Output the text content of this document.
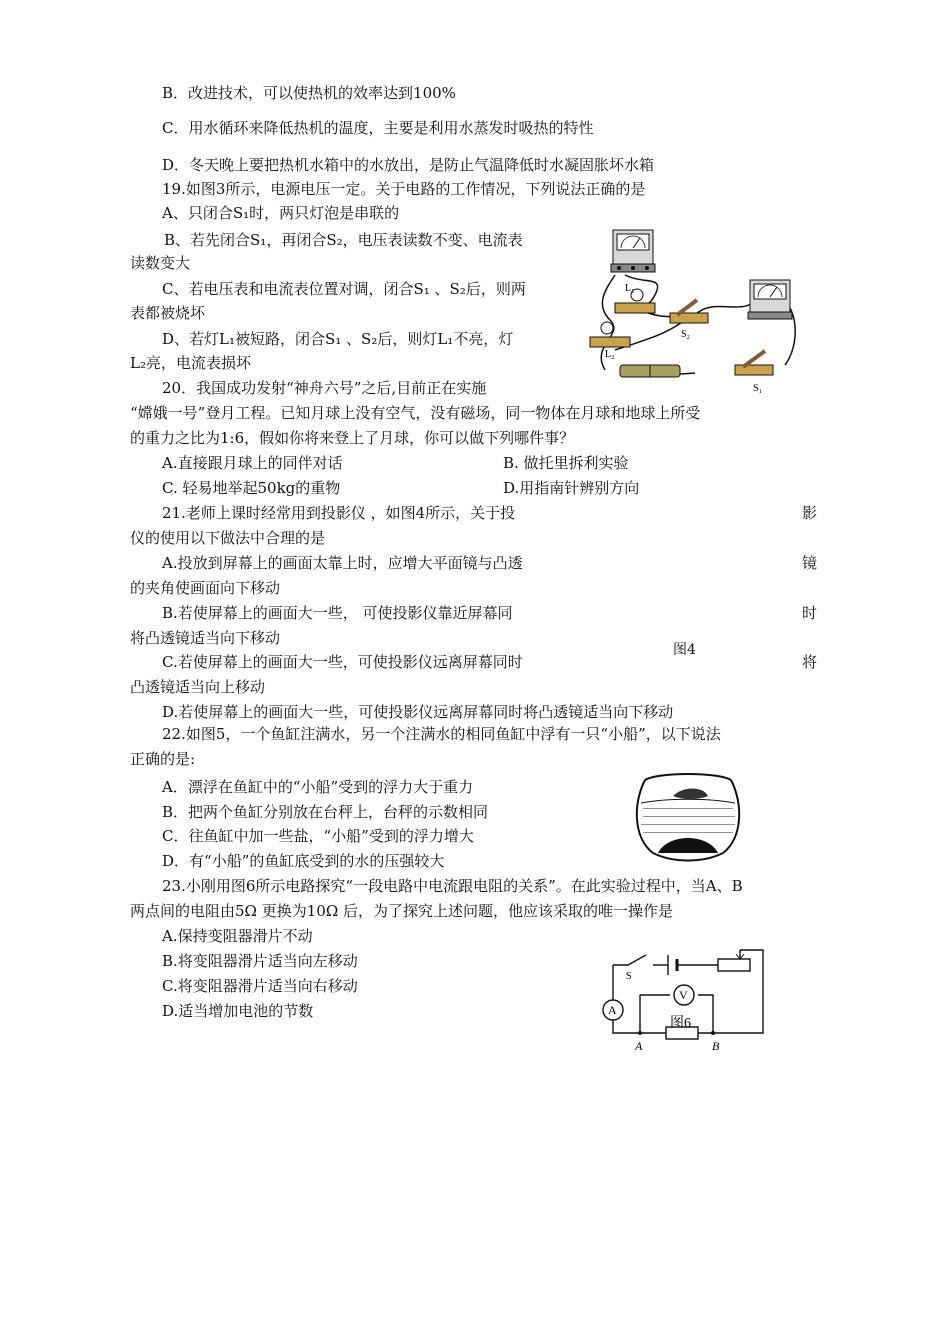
B．改进技术，可以使热机的效率达到100%
C．用水循环来降低热机的温度，主要是利用水蒸发时吸热的特性
D．冬天晚上要把热机水箱中的水放出，是防止气温降低时水凝固胀坏水箱
19.如图3所示，电源电压一定。关于电路的工作情况，下列说法正确的是
A、只闭合S₁时，两只灯泡是串联的
B、若先闭合S₁，再闭合S₂，电压表读数不变、电流表
读数变大
C、若电压表和电流表位置对调，闭合S₁ 、S₂后，则两
表都被烧坏
D、若灯L₁被短路，闭合S₁ 、S₂后，则灯L₁不亮，灯
L₂亮，电流表损坏
20．我国成功发射“神舟六号”之后,目前正在实施
“嫦娥一号”登月工程。已知月球上没有空气，没有磁场，同一物体在月球和地球上所受
的重力之比为1:6，假如你将来登上了月球，你可以做下列哪件事？
A.直接跟月球上的同伴对话	B. 做托里拆利实验
C. 轻易地举起50kg的重物	D.用指南针辨别方向
21.老师上课时经常用到投影仪 ，如图4所示，关于投	影
仪的使用以下做法中合理的是
A.投放到屏幕上的画面太靠上时，应增大平面镜与凸透	镜
的夹角使画面向下移动
B.若使屏幕上的画面大一些， 可使投影仪靠近屏幕同	时
将凸透镜适当向下移动
C.若使屏幕上的画面大一些，可使投影仪远离屏幕同时	将
凸透镜适当向上移动
D.若使屏幕上的画面大一些，可使投影仪远离屏幕同时将凸透镜适当向下移动
22.如图5，一个鱼缸注满水，另一个注满水的相同鱼缸中浮有一只“小船”，以下说法
正确的是:
A．漂浮在鱼缸中的“小船”受到的浮力大于重力
B．把两个鱼缸分别放在台秤上，台秤的示数相同
C．往鱼缸中加一些盐，“小船”受到的浮力增大
D．有“小船”的鱼缸底受到的水的压强较大
23.小刚用图6所示电路探究“一段电路中电流跟电阻的关系”。在此实验过程中，当A、B
两点间的电阻由5Ω 更换为10Ω 后，为了探究上述问题，他应该采取的唯一操作是
A.保持变阻器滑片不动
B.将变阻器滑片适当向左移动
C.将变阻器滑片适当向右移动
D.适当增加电池的节数
L₁
S₂
L₂
S₁
图4
S
A
V
图6
A	B
